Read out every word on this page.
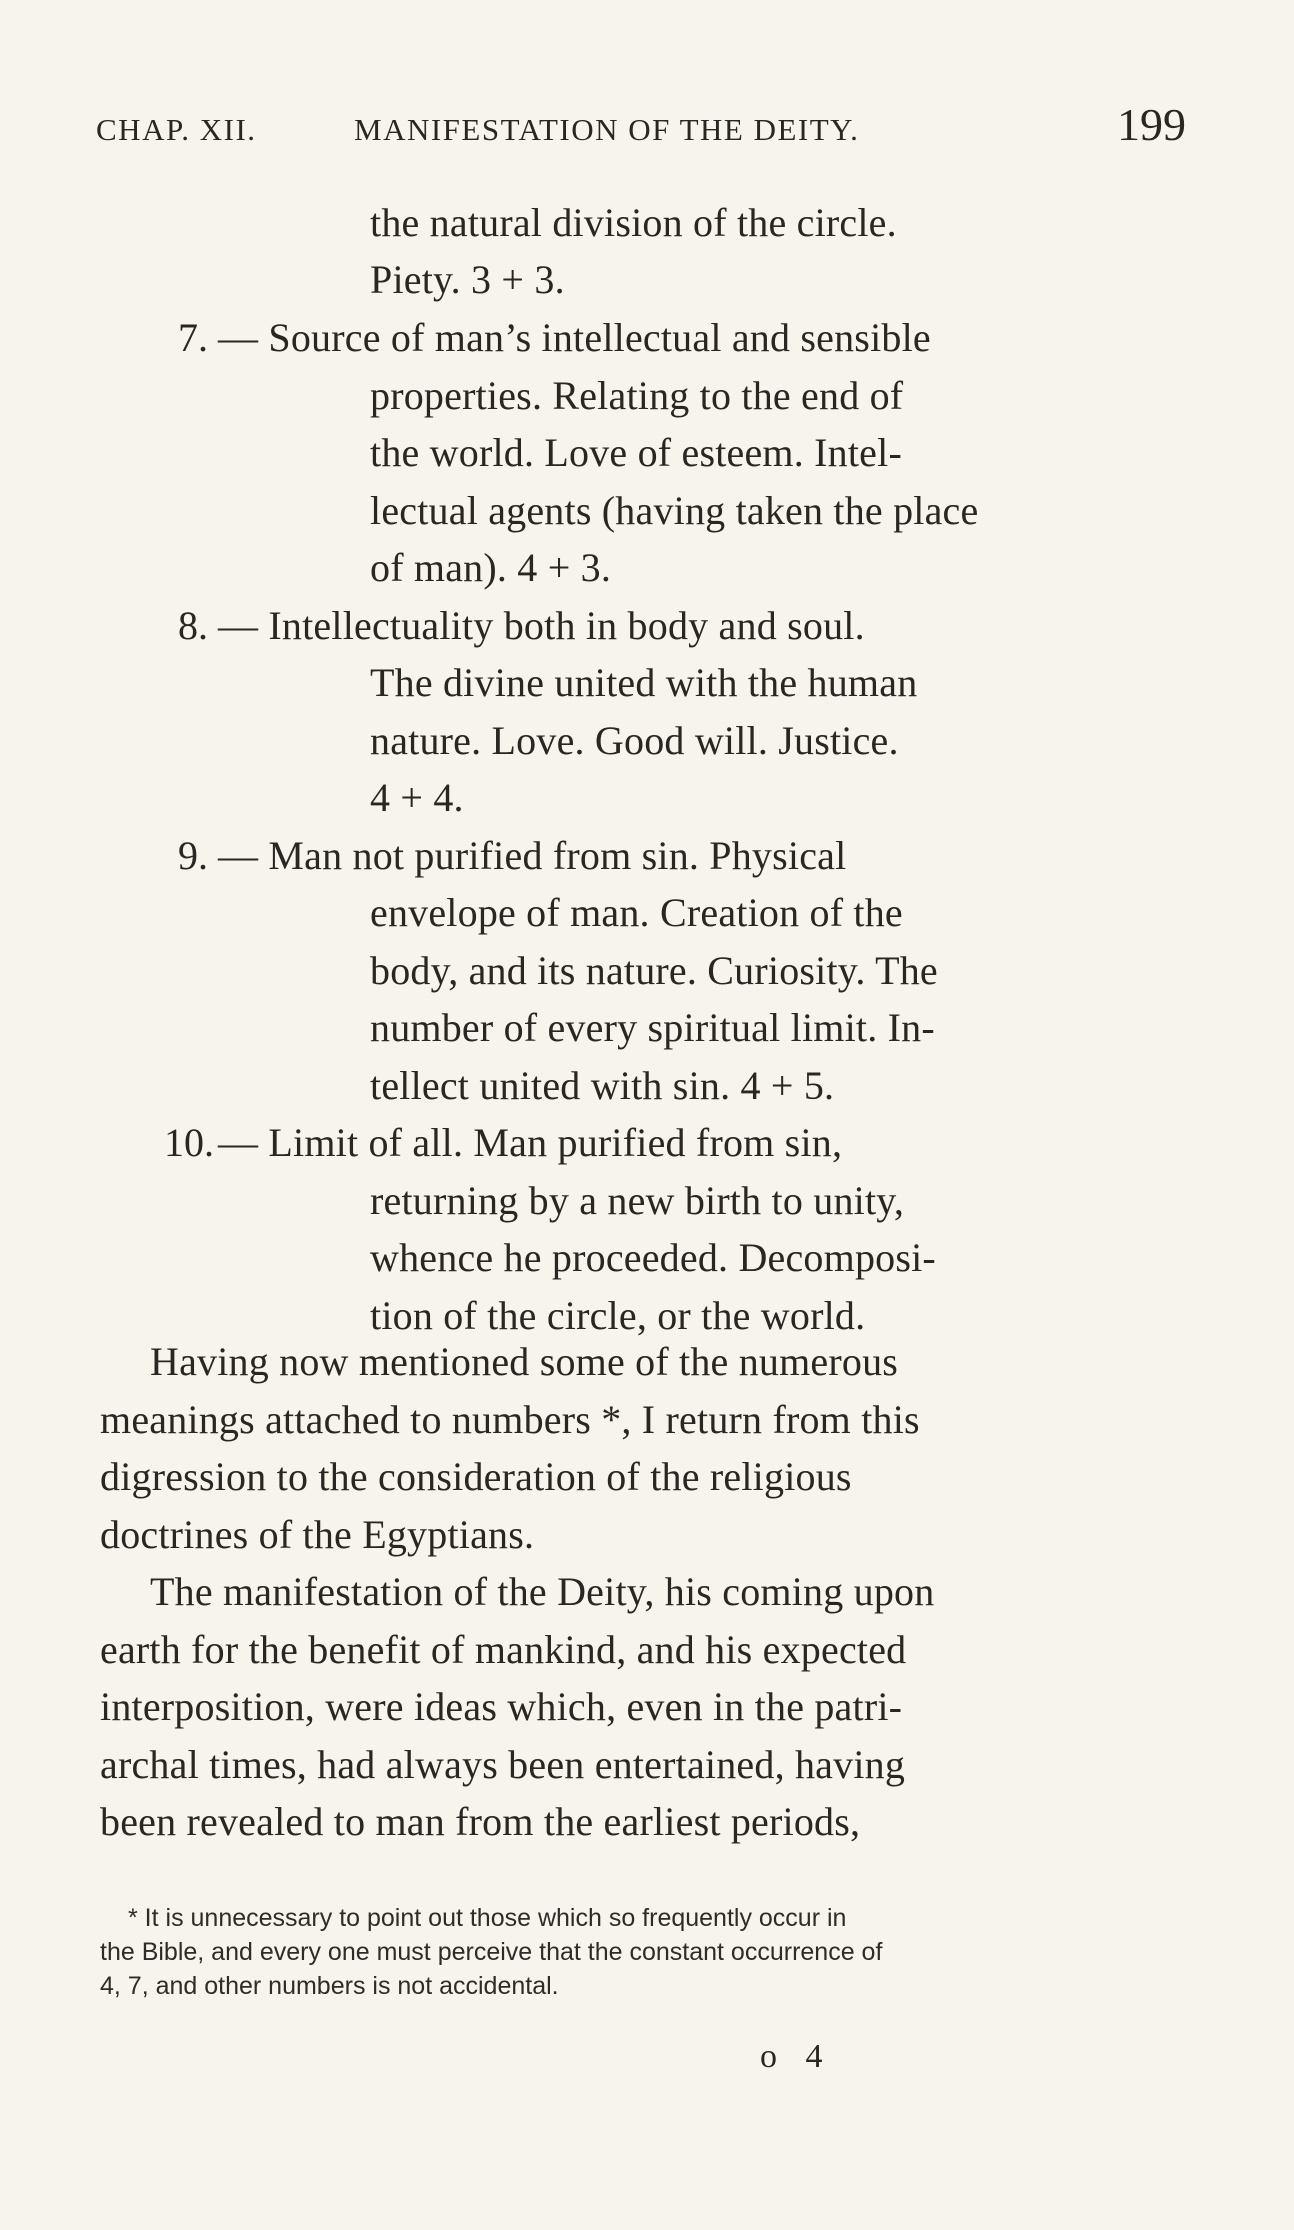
CHAP. XII.	MANIFESTATION OF THE DEITY.	199
the natural division of the circle.
Piety. 3 + 3.
7. — Source of man’s intellectual and sensible
properties. Relating to the end of
the world. Love of esteem. Intel-
lectual agents (having taken the place
of man). 4 + 3.
8. — Intellectuality both in body and soul.
The divine united with the human
nature. Love. Good will. Justice.
4 + 4.
9. — Man not purified from sin. Physical
envelope of man. Creation of the
body, and its nature. Curiosity. The
number of every spiritual limit. In-
tellect united with sin. 4 + 5.
10. — Limit of all. Man purified from sin,
returning by a new birth to unity,
whence he proceeded. Decomposi-
tion of the circle, or the world.
Having now mentioned some of the numerous
meanings attached to numbers *, I return from this
digression to the consideration of the religious
doctrines of the Egyptians.
The manifestation of the Deity, his coming upon
earth for the benefit of mankind, and his expected
interposition, were ideas which, even in the patri-
archal times, had always been entertained, having
been revealed to man from the earliest periods,
* It is unnecessary to point out those which so frequently occur in
the Bible, and every one must perceive that the constant occurrence of
4, 7, and other numbers is not accidental.
o 4
